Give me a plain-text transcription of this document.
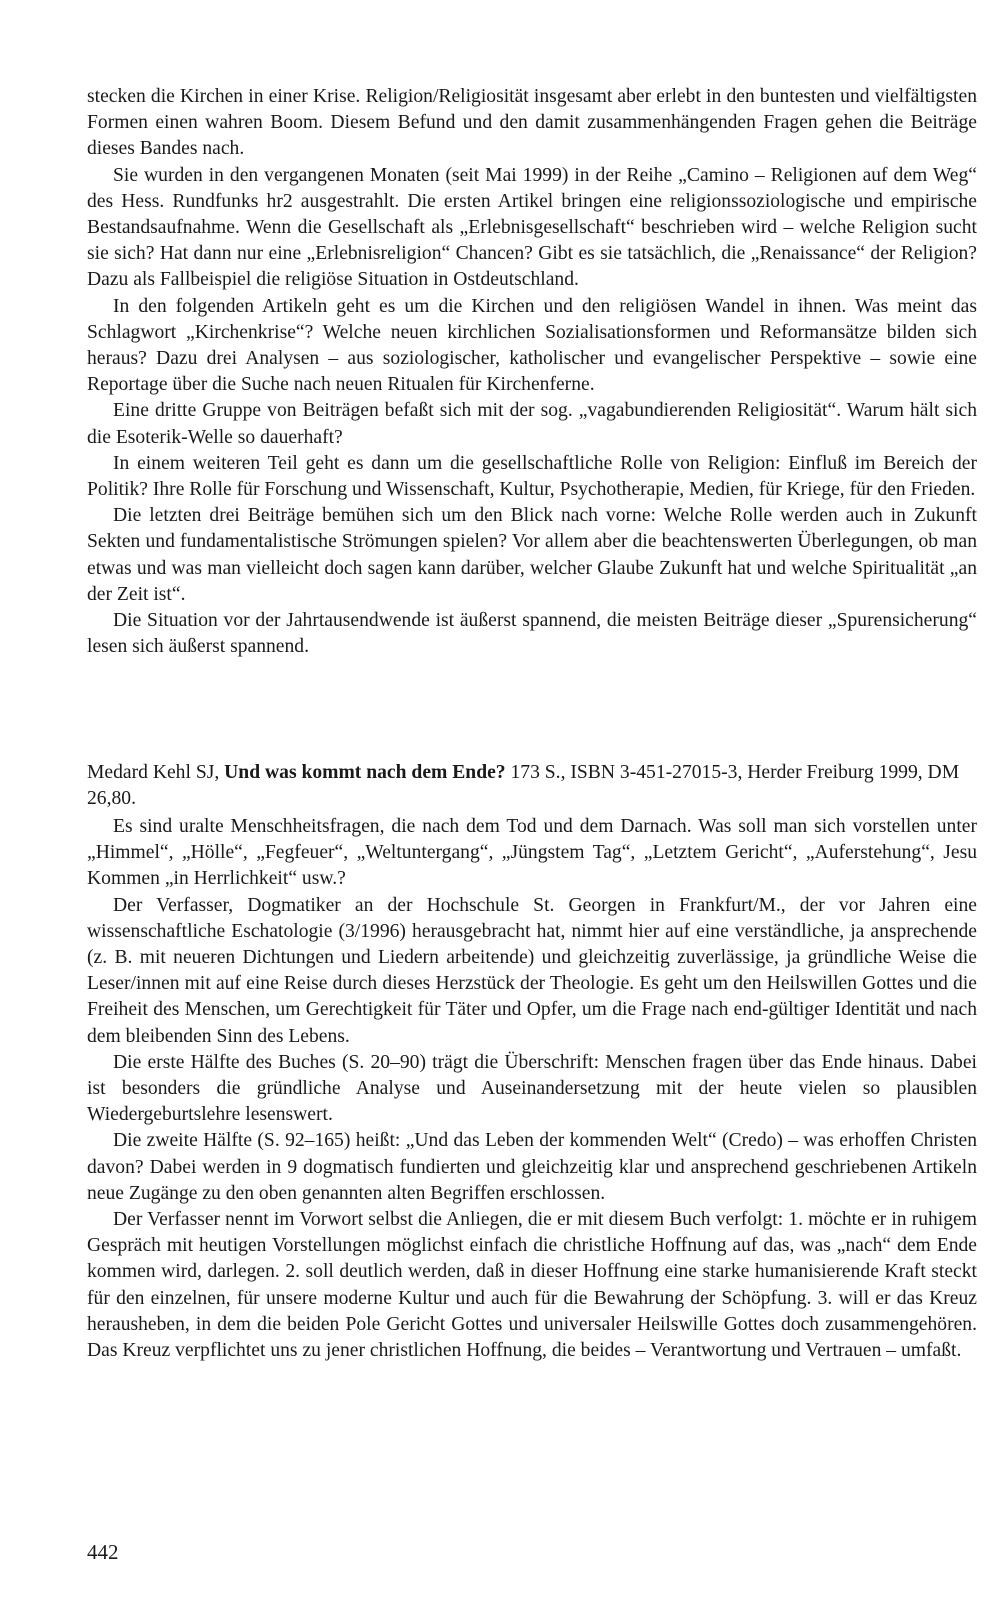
stecken die Kirchen in einer Krise. Religion/Religiosität insgesamt aber erlebt in den buntesten und vielfältigsten Formen einen wahren Boom. Diesem Befund und den damit zusammenhängenden Fragen gehen die Beiträge dieses Bandes nach.

Sie wurden in den vergangenen Monaten (seit Mai 1999) in der Reihe „Camino – Religionen auf dem Weg“ des Hess. Rundfunks hr2 ausgestrahlt. Die ersten Artikel bringen eine religionssoziologische und empirische Bestandsaufnahme. Wenn die Gesellschaft als „Erlebnisgesellschaft“ beschrieben wird – welche Religion sucht sie sich? Hat dann nur eine „Erlebnisreligion“ Chancen? Gibt es sie tatsächlich, die „Renaissance“ der Religion? Dazu als Fallbeispiel die religiöse Situation in Ostdeutschland.

In den folgenden Artikeln geht es um die Kirchen und den religiösen Wandel in ihnen. Was meint das Schlagwort „Kirchenkrise“? Welche neuen kirchlichen Sozialisationsformen und Reformansätze bilden sich heraus? Dazu drei Analysen – aus soziologischer, katholischer und evangelischer Perspektive – sowie eine Reportage über die Suche nach neuen Ritualen für Kirchenferne.

Eine dritte Gruppe von Beiträgen befaßt sich mit der sog. „vagabundierenden Religiosität“. Warum hält sich die Esoterik-Welle so dauerhaft?

In einem weiteren Teil geht es dann um die gesellschaftliche Rolle von Religion: Einfluß im Bereich der Politik? Ihre Rolle für Forschung und Wissenschaft, Kultur, Psychotherapie, Medien, für Kriege, für den Frieden.

Die letzten drei Beiträge bemühen sich um den Blick nach vorne: Welche Rolle werden auch in Zukunft Sekten und fundamentalistische Strömungen spielen? Vor allem aber die beachtenswerten Überlegungen, ob man etwas und was man vielleicht doch sagen kann darüber, welcher Glaube Zukunft hat und welche Spiritualität „an der Zeit ist“.

Die Situation vor der Jahrtausendwende ist äußerst spannend, die meisten Beiträge dieser „Spurensicherung“ lesen sich äußerst spannend.

Medard Kehl SJ, Und was kommt nach dem Ende? 173 S., ISBN 3-451-27015-3, Herder Freiburg 1999, DM 26,80.

Es sind uralte Menschheitsfragen, die nach dem Tod und dem Darnach. Was soll man sich vorstellen unter „Himmel“, „Hölle“, „Fegfeuer“, „Weltuntergang“, „Jüngstem Tag“, „Letztem Gericht“, „Auferstehung“, Jesu Kommen „in Herrlichkeit“ usw.?

Der Verfasser, Dogmatiker an der Hochschule St. Georgen in Frankfurt/M., der vor Jahren eine wissenschaftliche Eschatologie (3/1996) herausgebracht hat, nimmt hier auf eine verständliche, ja ansprechende (z. B. mit neueren Dichtungen und Liedern arbeitende) und gleichzeitig zuverlässige, ja gründliche Weise die Leser/innen mit auf eine Reise durch dieses Herzstück der Theologie. Es geht um den Heilswillen Gottes und die Freiheit des Menschen, um Gerechtigkeit für Täter und Opfer, um die Frage nach end-gültiger Identität und nach dem bleibenden Sinn des Lebens.

Die erste Hälfte des Buches (S. 20–90) trägt die Überschrift: Menschen fragen über das Ende hinaus. Dabei ist besonders die gründliche Analyse und Auseinandersetzung mit der heute vielen so plausiblen Wiedergeburtslehre lesenswert.

Die zweite Hälfte (S. 92–165) heißt: „Und das Leben der kommenden Welt“ (Credo) – was erhoffen Christen davon? Dabei werden in 9 dogmatisch fundierten und gleichzeitig klar und ansprechend geschriebenen Artikeln neue Zugänge zu den oben genannten alten Begriffen erschlossen.

Der Verfasser nennt im Vorwort selbst die Anliegen, die er mit diesem Buch verfolgt: 1. möchte er in ruhigem Gespräch mit heutigen Vorstellungen möglichst einfach die christliche Hoffnung auf das, was „nach“ dem Ende kommen wird, darlegen. 2. soll deutlich werden, daß in dieser Hoffnung eine starke humanisierende Kraft steckt für den einzelnen, für unsere moderne Kultur und auch für die Bewahrung der Schöpfung. 3. will er das Kreuz herausheben, in dem die beiden Pole Gericht Gottes und universaler Heilswille Gottes doch zusammengehören. Das Kreuz verpflichtet uns zu jener christlichen Hoffnung, die beides – Verantwortung und Vertrauen – umfaßt.

442
